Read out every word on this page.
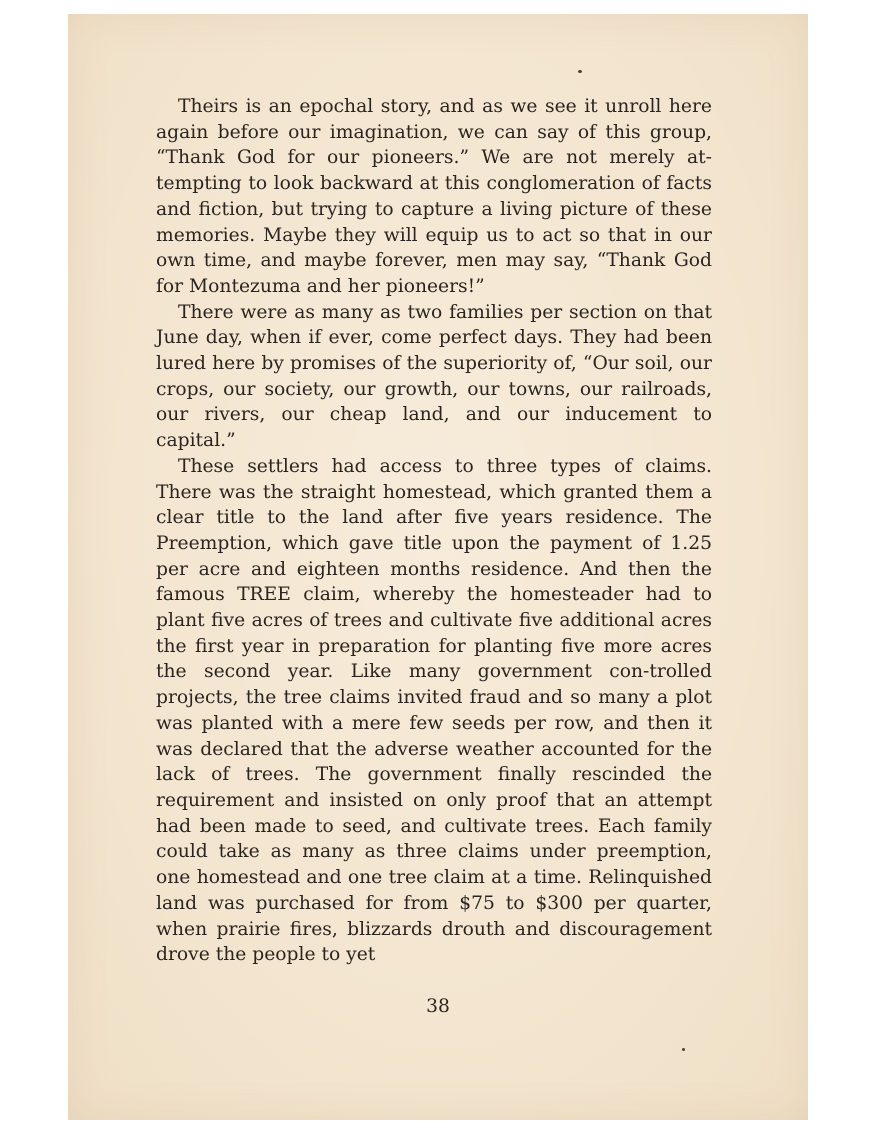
Theirs is an epochal story, and as we see it unroll here again before our imagination, we can say of this group, “Thank God for our pioneers.” We are not merely at-tempting to look backward at this conglomeration of facts and fiction, but trying to capture a living picture of these memories. Maybe they will equip us to act so that in our own time, and maybe forever, men may say, “Thank God for Montezuma and her pioneers!”

There were as many as two families per section on that June day, when if ever, come perfect days. They had been lured here by promises of the superiority of, “Our soil, our crops, our society, our growth, our towns, our railroads, our rivers, our cheap land, and our inducement to capital.”

These settlers had access to three types of claims. There was the straight homestead, which granted them a clear title to the land after five years residence. The Preemption, which gave title upon the payment of 1.25 per acre and eighteen months residence. And then the famous TREE claim, whereby the homesteader had to plant five acres of trees and cultivate five additional acres the first year in preparation for planting five more acres the second year. Like many government con-trolled projects, the tree claims invited fraud and so many a plot was planted with a mere few seeds per row, and then it was declared that the adverse weather accounted for the lack of trees. The government finally rescinded the requirement and insisted on only proof that an attempt had been made to seed, and cultivate trees. Each family could take as many as three claims under preemption, one homestead and one tree claim at a time. Relinquished land was purchased for from $75 to $300 per quarter, when prairie fires, blizzards drouth and discouragement drove the people to yet

38
